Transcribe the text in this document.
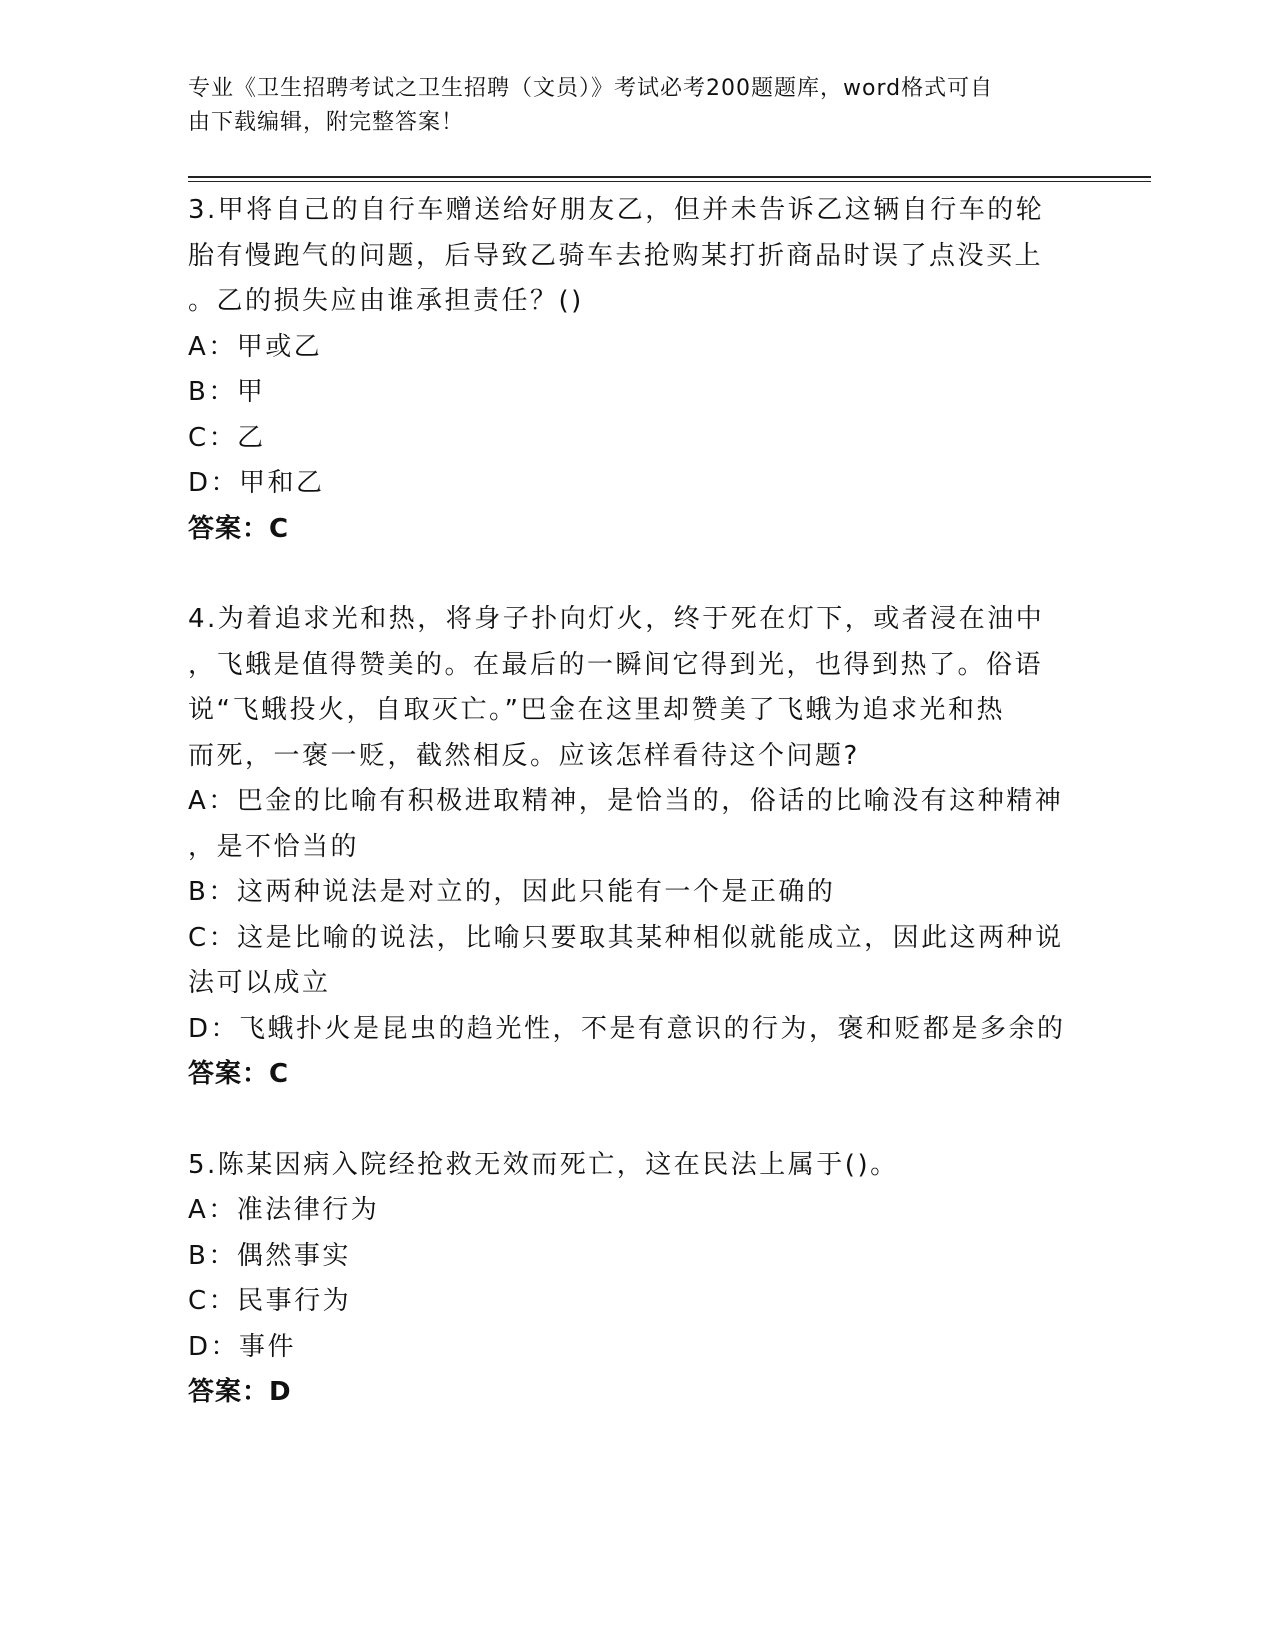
专业《卫生招聘考试之卫生招聘（文员）》考试必考200题题库，word格式可自
由下载编辑，附完整答案！
3.甲将自己的自行车赠送给好朋友乙，但并未告诉乙这辆自行车的轮
胎有慢跑气的问题，后导致乙骑车去抢购某打折商品时误了点没买上
。乙的损失应由谁承担责任？()
A：甲或乙
B：甲
C：乙
D：甲和乙
答案：C
4.为着追求光和热，将身子扑向灯火，终于死在灯下，或者浸在油中
，飞蛾是值得赞美的。在最后的一瞬间它得到光，也得到热了。俗语
说“飞蛾投火，自取灭亡。”巴金在这里却赞美了飞蛾为追求光和热
而死，一褒一贬，截然相反。应该怎样看待这个问题?
A：巴金的比喻有积极进取精神，是恰当的，俗话的比喻没有这种精神
，是不恰当的
B：这两种说法是对立的，因此只能有一个是正确的
C：这是比喻的说法，比喻只要取其某种相似就能成立，因此这两种说
法可以成立
D：飞蛾扑火是昆虫的趋光性，不是有意识的行为，褒和贬都是多余的
答案：C
5.陈某因病入院经抢救无效而死亡，这在民法上属于()。
A：准法律行为
B：偶然事实
C：民事行为
D：事件
答案：D
